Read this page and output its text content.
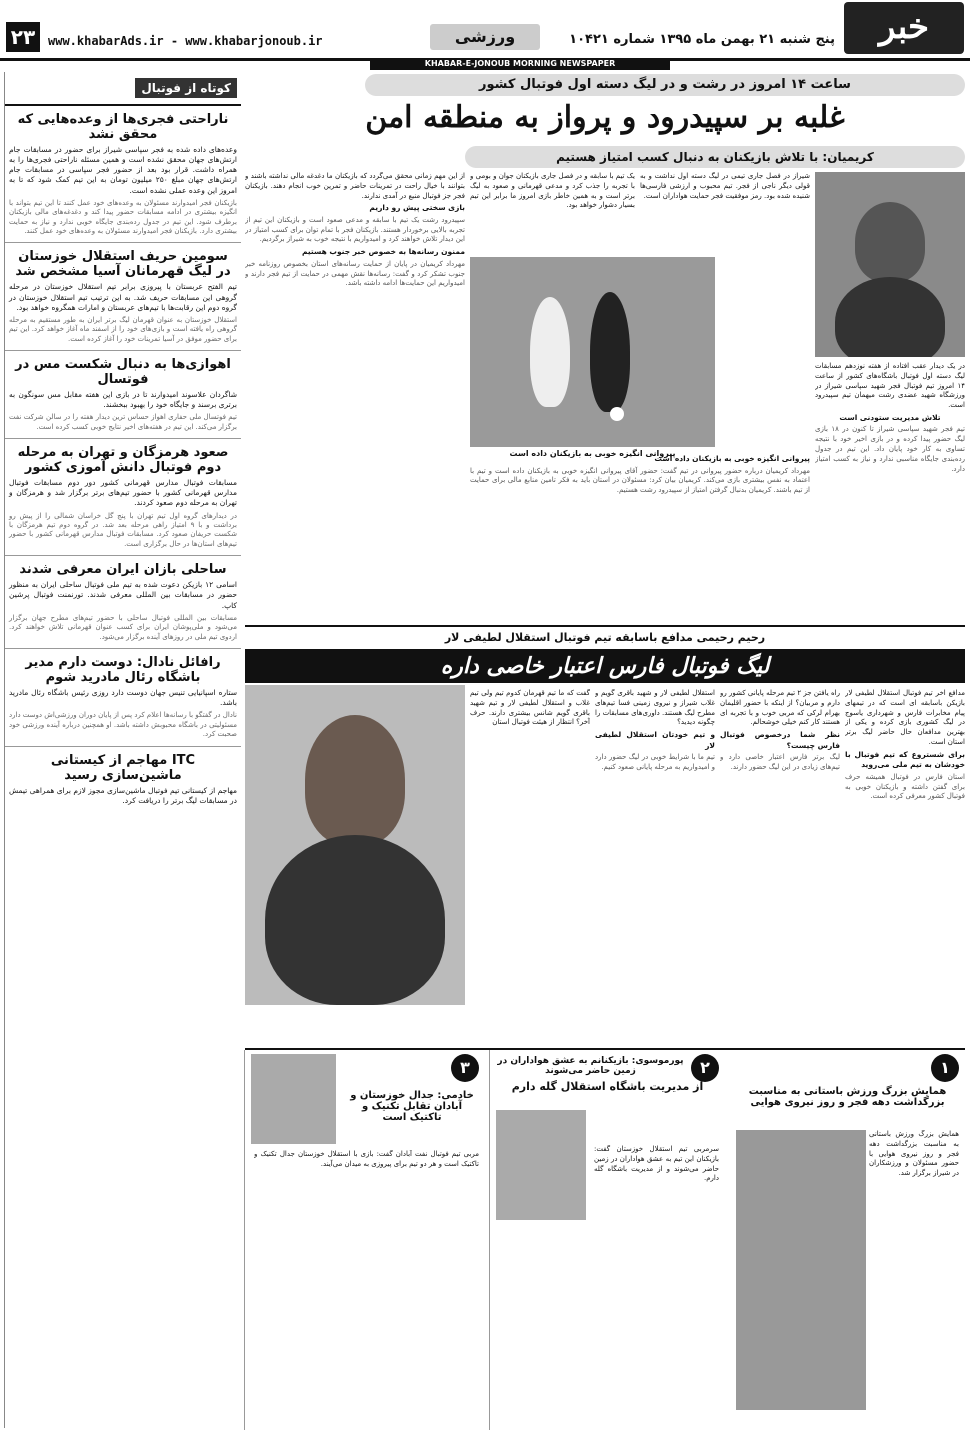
خبر
پنج شنبه ۲۱ بهمن ماه ۱۳۹۵ شماره ۱۰۴۲۱
ورزشی
www.khabarAds.ir - www.khabarjonoub.ir
۲۳
KHABAR-E-JONOUB MORNING NEWSPAPER
کوتاه از فوتبال
ناراحتی فجری‌ها از وعده‌هایی که محقق نشد

وعده‌های داده شده به فجر سپاسی شیراز برای حضور در مسابقات جام ارتش‌های جهان محقق نشده است و همین مسئله ناراحتی فجری‌ها را به همراه داشت. قرار بود بعد از حضور فجر سپاسی در مسابقات جام ارتش‌های جهان مبلغ ۲۵۰ میلیون تومان به این تیم کمک شود که تا به امروز این وعده عملی نشده است.

بازیکنان فجر امیدوارند مسئولان به وعده‌های خود عمل کنند تا این تیم بتواند با انگیزه بیشتری در ادامه مسابقات حضور پیدا کند و دغدغه‌های مالی بازیکنان برطرف شود. این تیم در جدول رده‌بندی جایگاه خوبی ندارد و نیاز به حمایت بیشتری دارد. بازیکنان فجر امیدوارند مسئولان به وعده‌های خود عمل کنند.

سومین حریف استقلال خوزستان در لیگ قهرمانان آسیا مشخص شد

تیم الفتح عربستان با پیروزی برابر تیم استقلال خوزستان در مرحله گروهی این مسابقات حریف شد. به این ترتیب تیم استقلال خوزستان در گروه دوم این رقابت‌ها با تیم‌های عربستان و امارات همگروه خواهد بود.

استقلال خوزستان به عنوان قهرمان لیگ برتر ایران به طور مستقیم به مرحله گروهی راه یافته است و بازی‌های خود را از اسفند ماه آغاز خواهد کرد. این تیم برای حضور موفق در آسیا تمرینات خود را آغاز کرده است.

اهوازی‌ها به دنبال شکست مس در فوتسال

شاگردان علاسوند امیدوارند تا در بازی این هفته مقابل مس سونگون به برتری برسند و جایگاه خود را بهبود ببخشند.

تیم فوتسال ملی حفاری اهواز حساس ترین دیدار هفته را در سالن شرکت نفت برگزار می‌کند. این تیم در هفته‌های اخیر نتایج خوبی کسب کرده است.

صعود هرمزگان و تهران به مرحله دوم فوتبال دانش آموزی کشور

مسابقات فوتبال مدارس قهرمانی کشور دور دوم مسابقات فوتبال مدارس قهرمانی کشور با حضور تیم‌های برتر برگزار شد و هرمزگان و تهران به مرحله دوم صعود کردند.

در دیدارهای گروه اول تیم تهران با پنج گل خراسان شمالی را از پیش رو برداشت و با ۹ امتیاز راهی مرحله بعد شد. در گروه دوم تیم هرمزگان با شکست حریفان صعود کرد. مسابقات فوتبال مدارس قهرمانی کشور با حضور تیم‌های استان‌ها در حال برگزاری است.

ساحلی بازان ایران معرفی شدند

اسامی ۱۲ بازیکن دعوت شده به تیم ملی فوتبال ساحلی ایران به منظور حضور در مسابقات بین المللی معرفی شدند. تورنمنت فوتبال پرشین کاپ.

مسابقات بین المللی فوتبال ساحلی با حضور تیم‌های مطرح جهان برگزار می‌شود و ملی‌پوشان ایران برای کسب عنوان قهرمانی تلاش خواهند کرد. اردوی تیم ملی در روزهای آینده برگزار می‌شود.

رافائل نادال: دوست دارم مدیر باشگاه رئال مادرید شوم

ستاره اسپانیایی تنیس جهان دوست دارد روزی رئیس باشگاه رئال مادرید باشد.

نادال در گفتگو با رسانه‌ها اعلام کرد پس از پایان دوران ورزشی‌اش دوست دارد مسئولیتی در باشگاه محبوبش داشته باشد. او همچنین درباره آینده ورزشی خود صحبت کرد.

ITC مهاجم از کیستانی ماشین‌سازی رسید

مهاجم از کیستانی تیم فوتبال ماشین‌سازی مجوز لازم برای همراهی تیمش در مسابقات لیگ برتر را دریافت کرد.

ساعت ۱۴ امروز در رشت و در لیگ دسته اول فوتبال کشور
غلبه بر سپیدرود و پرواز به منطقه امن
کریمیان: با تلاش بازیکنان به دنبال کسب امتیاز هستیم
پیروانی انگیزه خوبی به بازیکنان داده است
در یک دیدار عقب افتاده از هفته نوزدهم مسابقات لیگ دسته اول فوتبال باشگاه‌های کشور از ساعت ۱۴ امروز تیم فوتبال فجر شهید سپاسی شیراز در ورزشگاه شهید عضدی رشت میهمان تیم سپیدرود است.
تلاش مدیریت ستودنی است
تیم فجر شهید سپاسی شیراز تا کنون در ۱۸ بازی لیگ حضور پیدا کرده و در بازی اخیر خود با نتیجه تساوی به کار خود پایان داد. این تیم در جدول رده‌بندی جایگاه مناسبی ندارد و نیاز به کسب امتیاز دارد.
شیراز در فصل جاری تیمی در لیگ دسته اول نداشت و به قولی دیگر ناجی از فجر. تیم محبوب و ارزشی فارسی‌ها شنیده شده بود. رمز موفقیت فجر حمایت هواداران است.
یک تیم با سابقه و در فصل جاری بازیکنان جوان و بومی و با تجربه را جذب کرد و مدعی قهرمانی و صعود به لیگ برتر است و به همین خاطر بازی امروز ما برابر این تیم بسیار دشوار خواهد بود.
از این مهم زمانی محقق می‌گردد که بازیکنان ما دغدغه مالی نداشته باشند و بتوانند با خیال راحت در تمرینات حاضر و تمرین خوب انجام دهند. بازیکنان فجر جز فوتبال منبع در آمدی ندارند.
بازی سختی پیش رو داریم
سپیدرود رشت یک تیم با سابقه و مدعی صعود است و بازیکنان این تیم از تجربه بالایی برخوردار هستند. بازیکنان فجر با تمام توان برای کسب امتیاز در این دیدار تلاش خواهند کرد و امیدواریم با نتیجه خوب به شیراز برگردیم.
ممنون رسانه‌ها به خصوص خبر جنوب هستیم
مهرداد کریمیان در پایان از حمایت رسانه‌های استان بخصوص روزنامه خبر جنوب تشکر کرد و گفت: رسانه‌ها نقش مهمی در حمایت از تیم فجر دارند و امیدواریم این حمایت‌ها ادامه داشته باشد.
پیروانی انگیزه خوبی به بازیکنان داده است
مهرداد کریمیان درباره حضور پیروانی در تیم گفت: حضور آقای پیروانی انگیزه خوبی به بازیکنان داده است و تیم با اعتماد به نفس بیشتری بازی می‌کند. کریمیان بیان کرد: مسئولان در استان باید به فکر تامین منابع مالی برای حمایت از تیم باشند. کریمیان بدنبال گرفتن امتیاز از سپیدرود رشت هستیم.
رحیم رحیمی مدافع باسابقه تیم فوتبال استقلال لطیفی لار
لیگ فوتبال فارس اعتبار خاصی داره
مدافع اخر تیم فوتبال استقلال لطیفی لار بازیکن باسابقه ای است که در تیمهای پیام مخابرات فارس و شهرداری یاسوج در لیگ کشوری بازی کرده و یکی از بهترین مدافعان حال حاضر لیگ برتر استان است.
برای شستروع که تیم فوتبال با خودشان به تیم ملی می‌روید
استان فارس در فوتبال همیشه حرف برای گفتن داشته و بازیکنان خوبی به فوتبال کشور معرفی کرده است.
راه یافتن جز ۲ تیم مرحله پایانی کشور رو دارم و مربیان؟ از اینکه با حضور اقلیمان بهرام لرکی که مربی خوب و با تجربه ای هستند کار کنم خیلی خوشحالم.
نظر شما درخصوص فوتبال فارس چیست؟
لیگ برتر فارس اعتبار خاصی دارد و تیم‌های زیادی در این لیگ حضور دارند.
استقلال لطیفی لار و شهید باقری گویم و غلاب شیراز و نیروی زمینی فسا تیم‌های مطرح لیگ هستند. داوری‌های مسابقات را چگونه دیدید؟
و تیم خودتان استقلال لطیفی لار
تیم ما با شرایط خوبی در لیگ حضور دارد و امیدواریم به مرحله پایانی صعود کنیم.
گفت که ما تیم قهرمان کدوم تیم ولی تیم غلاب و استقلال لطیفی لار و تیم شهید باقری گویم شانس بیشتری دارند. حرف آخر؟ انتظار از هیئت فوتبال استان
۱
همایش بزرگ ورزش باستانی به مناسبت بزرگداشت دهه فجر و روز نیروی هوایی
همایش بزرگ ورزش باستانی به مناسبت بزرگداشت دهه فجر و روز نیروی هوایی با حضور مسئولان و ورزشکاران در شیراز برگزار شد.
۲
پورموسوی: بازیکنانم به عشق هواداران در زمین حاضر می‌شوند
از مدیریت باشگاه استقلال گله دارم
سرمربی تیم استقلال خوزستان گفت: بازیکنان این تیم به عشق هواداران در زمین حاضر می‌شوند و از مدیریت باشگاه گله دارم.
۳
خادمی: جدال خوزستان و آبادان تقابل تکنیک و تاکتیک است
مربی تیم فوتبال نفت آبادان گفت: بازی با استقلال خوزستان جدال تکنیک و تاکتیک است و هر دو تیم برای پیروزی به میدان می‌آیند.
